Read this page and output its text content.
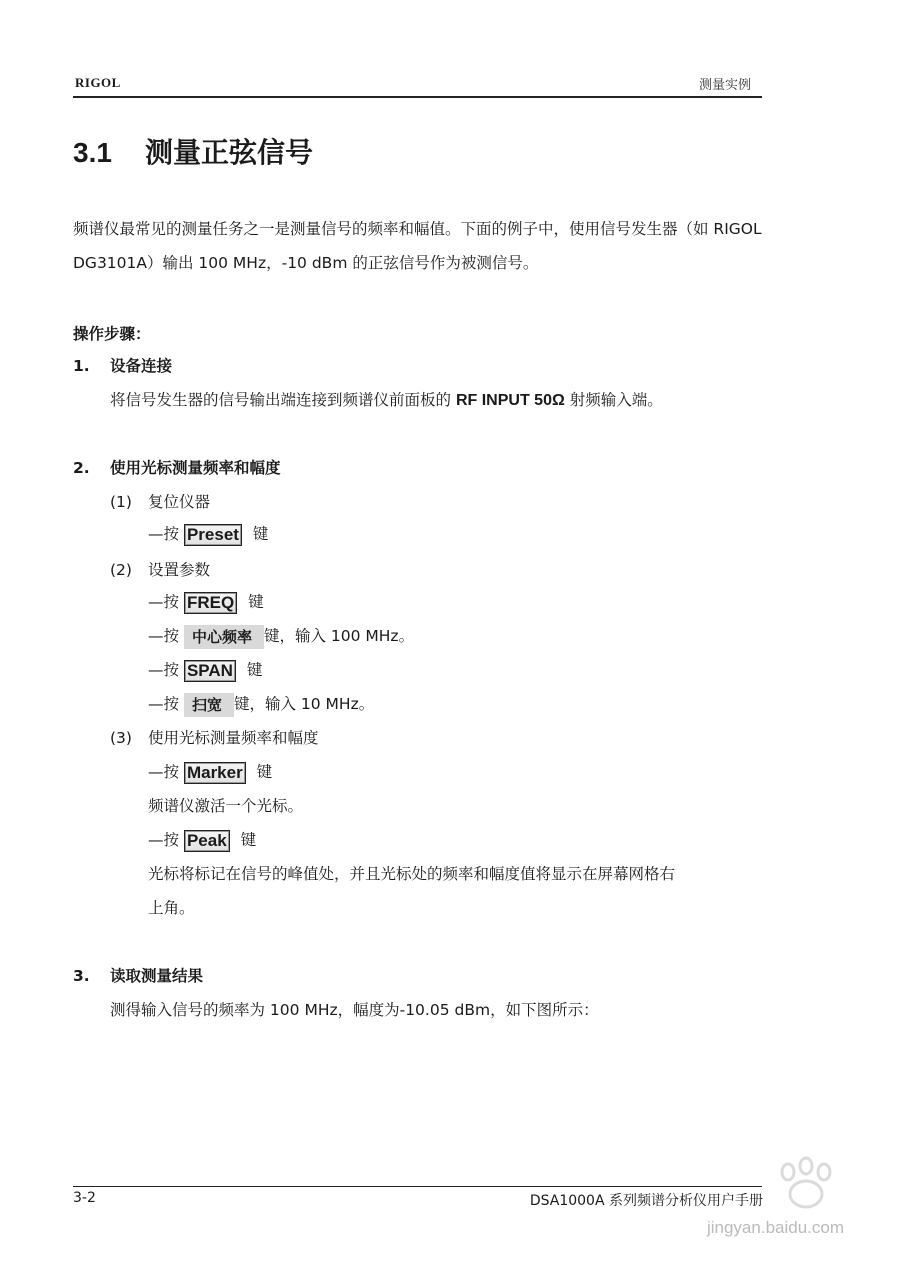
RIGOL	测量实例
3.1 测量正弦信号
频谱仪最常见的测量任务之一是测量信号的频率和幅值。下面的例子中，使用信号发生器（如 RIGOL DG3101A）输出 100 MHz，-10 dBm 的正弦信号作为被测信号。
操作步骤：
1. 设备连接
将信号发生器的信号输出端连接到频谱仪前面板的 RF INPUT 50Ω 射频输入端。
2. 使用光标测量频率和幅度
(1) 复位仪器
—按 Preset 键
(2) 设置参数
—按 FREQ 键
—按 中心频率 键，输入 100 MHz。
—按 SPAN 键
—按 扫宽 键，输入 10 MHz。
(3) 使用光标测量频率和幅度
—按 Marker 键
频谱仪激活一个光标。
—按 Peak 键
光标将标记在信号的峰值处，并且光标处的频率和幅度值将显示在屏幕网格右
上角。
3. 读取测量结果
测得输入信号的频率为 100 MHz，幅度为-10.05 dBm，如下图所示：
3-2	DSA1000A 系列频谱分析仪用户手册
jingyan.baidu.com
